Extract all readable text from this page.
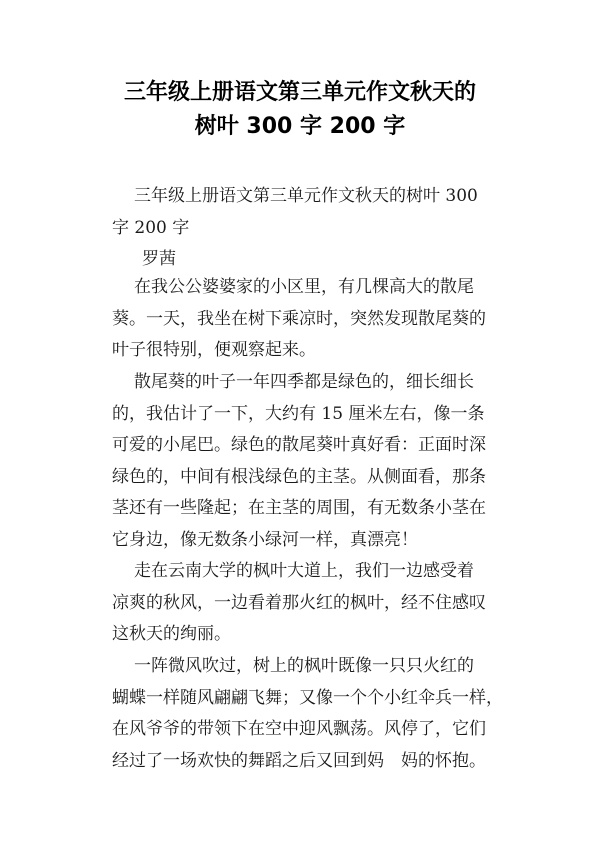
三年级上册语文第三单元作文秋天的
树叶 300 字 200 字
三年级上册语文第三单元作文秋天的树叶 300
字 200 字
罗茜
在我公公婆婆家的小区里，有几棵高大的散尾
葵。一天，我坐在树下乘凉时，突然发现散尾葵的
叶子很特别，便观察起来。
散尾葵的叶子一年四季都是绿色的，细长细长
的，我估计了一下，大约有 15 厘米左右，像一条
可爱的小尾巴。绿色的散尾葵叶真好看：正面时深
绿色的，中间有根浅绿色的主茎。从侧面看，那条
茎还有一些隆起；在主茎的周围，有无数条小茎在
它身边，像无数条小绿河一样，真漂亮！
走在云南大学的枫叶大道上，我们一边感受着
凉爽的秋风，一边看着那火红的枫叶，经不住感叹
这秋天的绚丽。
一阵微风吹过，树上的枫叶既像一只只火红的
蝴蝶一样随风翩翩飞舞；又像一个个小红伞兵一样，
在风爷爷的带领下在空中迎风飘荡。风停了，它们
经过了一场欢快的舞蹈之后又回到妈　妈的怀抱。
